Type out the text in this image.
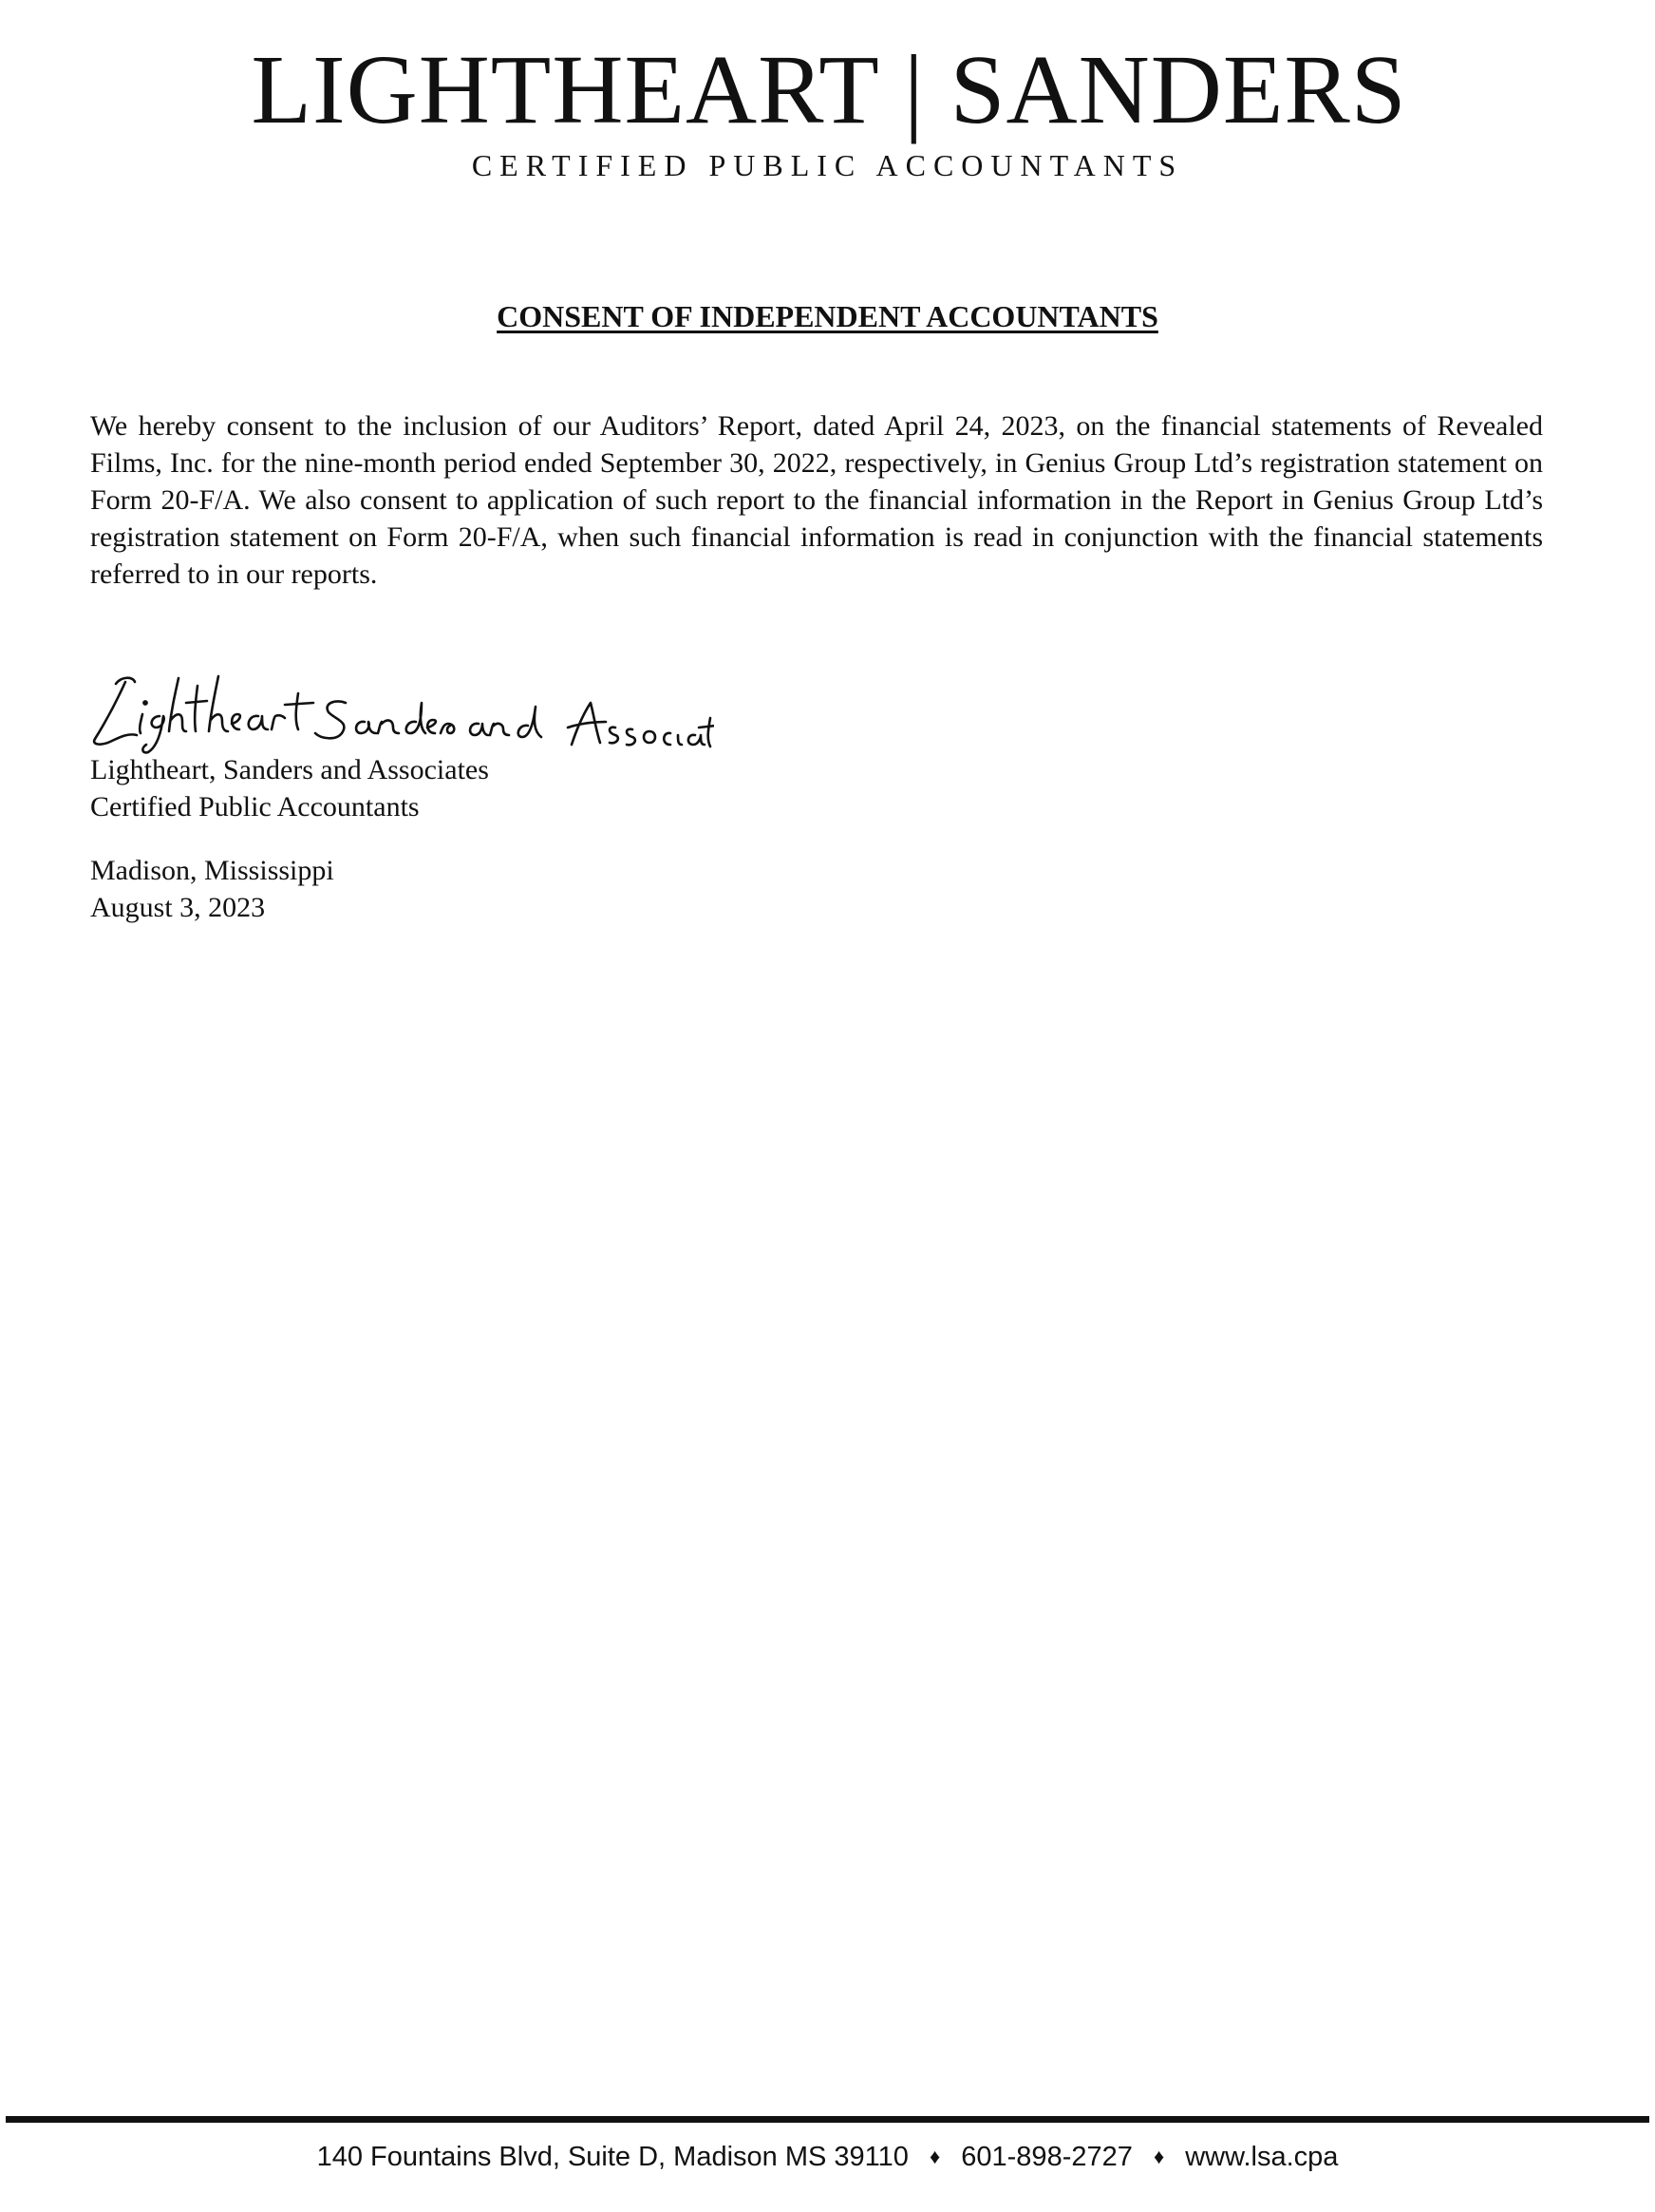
LIGHTHEART | SANDERS
CERTIFIED PUBLIC ACCOUNTANTS
CONSENT OF INDEPENDENT ACCOUNTANTS

We hereby consent to the inclusion of our Auditors’ Report, dated April 24, 2023, on the financial statements of Revealed Films, Inc. for the nine-month period ended September 30, 2022, respectively, in Genius Group Ltd’s registration statement on Form 20-F/A. We also consent to application of such report to the financial information in the Report in Genius Group Ltd’s registration statement on Form 20-F/A, when such financial information is read in conjunction with the financial statements referred to in our reports.

Lightheart, Sanders and Associates
Certified Public Accountants
Madison, Mississippi
August 3, 2023
140 Fountains Blvd, Suite D, Madison MS 39110 ♦ 601-898-2727 ♦ www.lsa.cpa
